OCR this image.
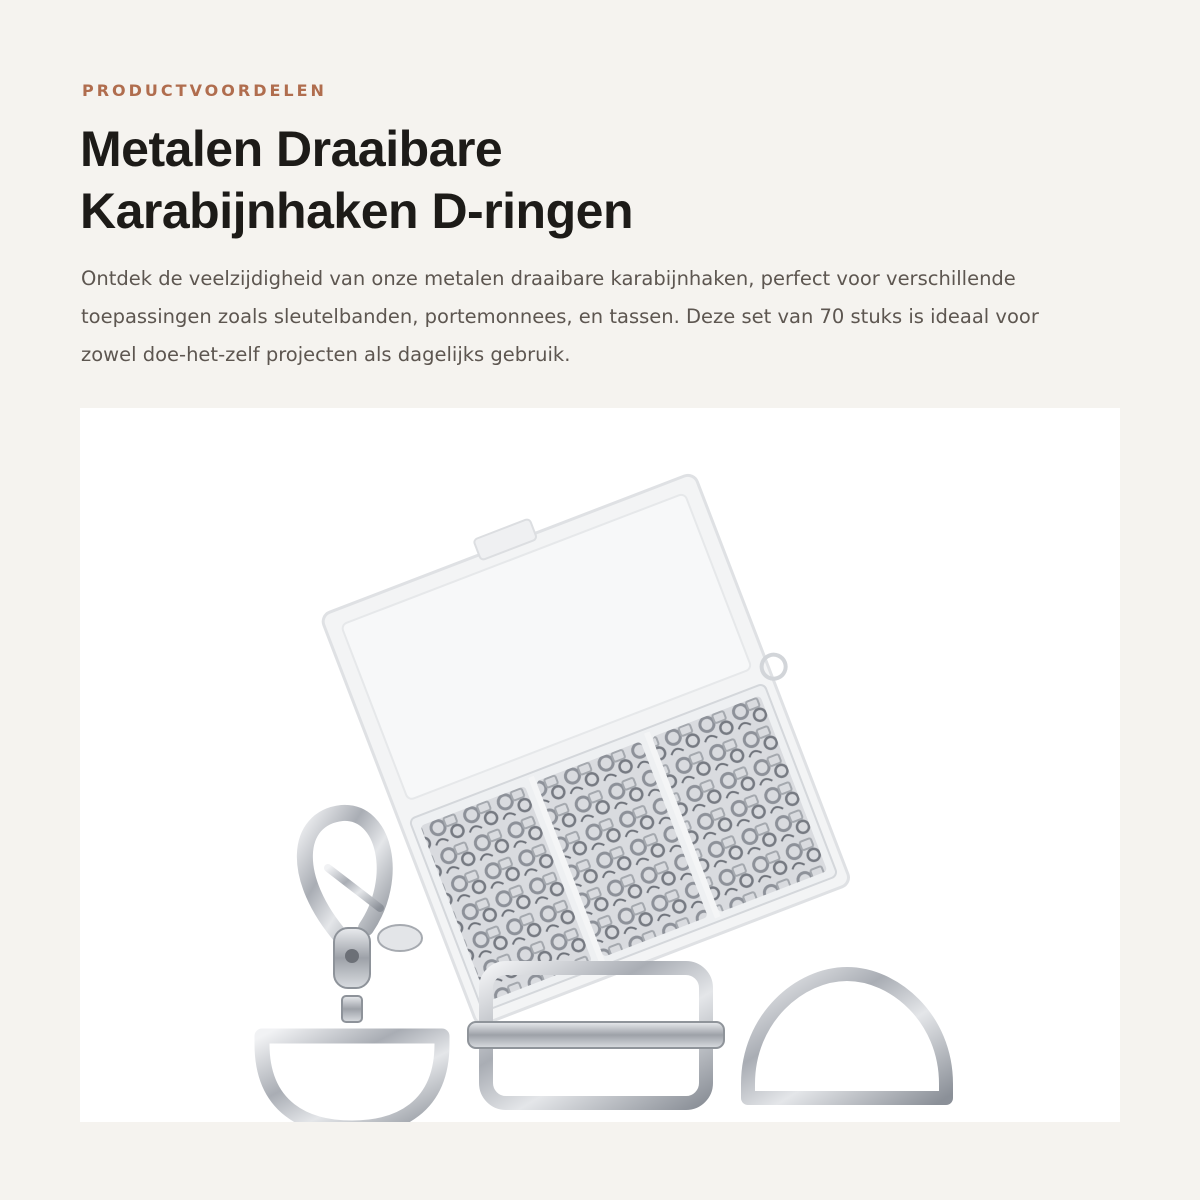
PRODUCTVOORDELEN
Metalen Draaibare
Karabijnhaken D-ringen

Ontdek de veelzijdigheid van onze metalen draaibare karabijnhaken, perfect voor verschillende toepassingen zoals sleutelbanden, portemonnees, en tassen. Deze set van 70 stuks is ideaal voor zowel doe-het-zelf projecten als dagelijks gebruik.
